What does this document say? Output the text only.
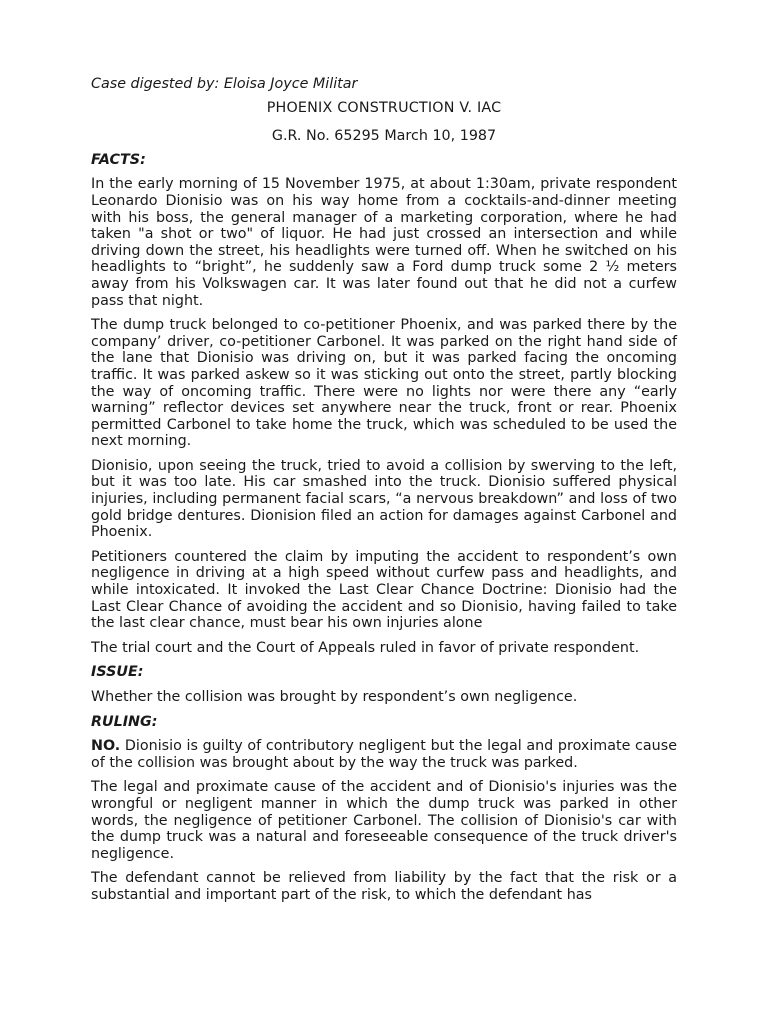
Case digested by: Eloisa Joyce Militar

PHOENIX CONSTRUCTION V. IAC

G.R. No. 65295 March 10, 1987

FACTS:

In the early morning of 15 November 1975, at about 1:30am, private respondent Leonardo Dionisio was on his way home from a cocktails-and-dinner meeting with his boss, the general manager of a marketing corporation, where he had taken "a shot or two" of liquor. He had just crossed an intersection and while driving down the street, his headlights were turned off. When he switched on his headlights to “bright”, he suddenly saw a Ford dump truck some 2 ½ meters away from his Volkswagen car. It was later found out that he did not a curfew pass that night.

The dump truck belonged to co-petitioner Phoenix, and was parked there by the company’ driver, co-petitioner Carbonel. It was parked on the right hand side of the lane that Dionisio was driving on, but it was parked facing the oncoming traffic. It was parked askew so it was sticking out onto the street, partly blocking the way of oncoming traffic. There were no lights nor were there any “early warning” reflector devices set anywhere near the truck, front or rear. Phoenix permitted Carbonel to take home the truck, which was scheduled to be used the next morning.

Dionisio, upon seeing the truck, tried to avoid a collision by swerving to the left, but it was too late. His car smashed into the truck. Dionisio suffered physical injuries, including permanent facial scars, “a nervous breakdown” and loss of two gold bridge dentures. Dionision filed an action for damages against Carbonel and Phoenix.

Petitioners countered the claim by imputing the accident to respondent’s own negligence in driving at a high speed without curfew pass and headlights, and while intoxicated. It invoked the Last Clear Chance Doctrine: Dionisio had the Last Clear Chance of avoiding the accident and so Dionisio, having failed to take the last clear chance, must bear his own injuries alone

The trial court and the Court of Appeals ruled in favor of private respondent.

ISSUE:

Whether the collision was brought by respondent’s own negligence.

RULING:

NO. Dionisio is guilty of contributory negligent but the legal and proximate cause of the collision was brought about by the way the truck was parked.

The legal and proximate cause of the accident and of Dionisio's injuries was the wrongful or negligent manner in which the dump truck was parked in other words, the negligence of petitioner Carbonel. The collision of Dionisio's car with the dump truck was a natural and foreseeable consequence of the truck driver's negligence.

The defendant cannot be relieved from liability by the fact that the risk or a substantial and important part of the risk, to which the defendant has
